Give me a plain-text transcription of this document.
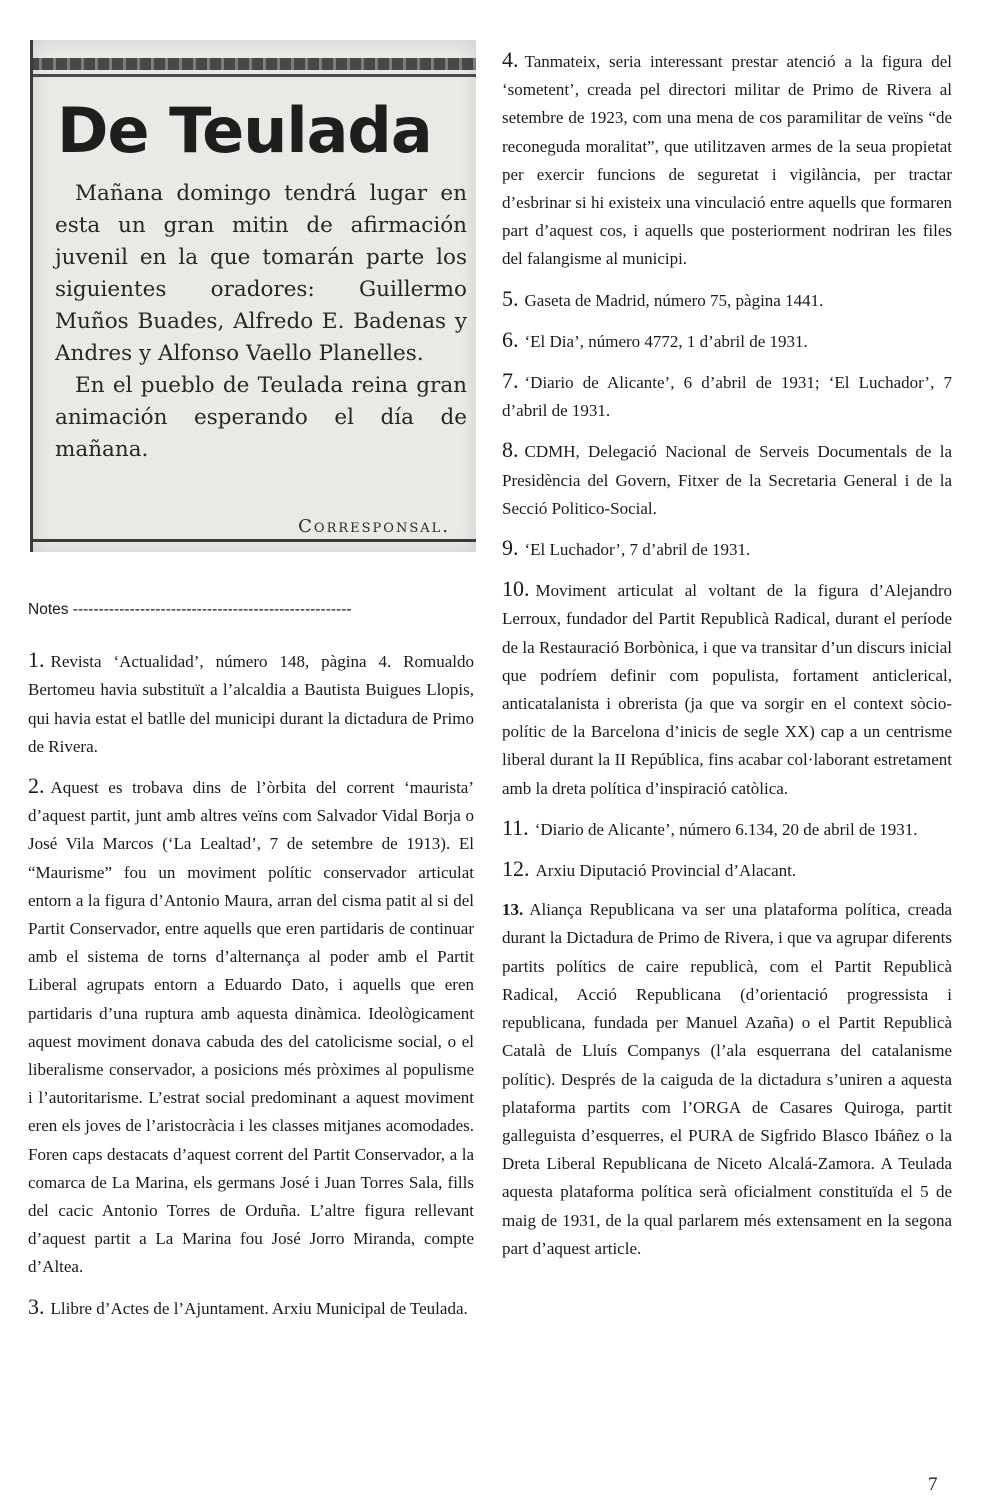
De Teulada

Mañana domingo tendrá lugar en esta un gran mitin de afirmación juvenil en la que tomarán parte los siguientes oradores: Guillermo Muños Buades, Alfredo E. Badenas y Andres y Alfonso Vaello Planelles.

En el pueblo de Teulada reina gran animación esperando el día de mañana.

Corresponsal.

Notes ------------------------------------------------------

1. Revista ‘Actualidad’, número 148, pàgina 4. Romualdo Bertomeu havia substituït a l’alcaldia a Bautista Buigues Llopis, qui havia estat el batlle del municipi durant la dictadura de Primo de Rivera.

2. Aquest es trobava dins de l’òrbita del corrent ‘maurista’ d’aquest partit, junt amb altres veïns com Salvador Vidal Borja o José Vila Marcos (‘La Lealtad’, 7 de setembre de 1913). El “Maurisme” fou un moviment polític conservador articulat entorn a la figura d’Antonio Maura, arran del cisma patit al si del Partit Conservador, entre aquells que eren partidaris de continuar amb el sistema de torns d’alternança al poder amb el Partit Liberal agrupats entorn a Eduardo Dato, i aquells que eren partidaris d’una ruptura amb aquesta dinàmica. Ideològicament aquest moviment donava cabuda des del catolicisme social, o el liberalisme conservador, a posicions més pròximes al populisme i l’autoritarisme. L’estrat social predominant a aquest moviment eren els joves de l’aristocràcia i les classes mitjanes acomodades. Foren caps destacats d’aquest corrent del Partit Conservador, a la comarca de La Marina, els germans José i Juan Torres Sala, fills del cacic Antonio Torres de Orduña. L’altre figura rellevant d’aquest partit a La Marina fou José Jorro Miranda, compte d’Altea.

3. Llibre d’Actes de l’Ajuntament. Arxiu Municipal de Teulada.

4. Tanmateix, seria interessant prestar atenció a la figura del ‘sometent’, creada pel directori militar de Primo de Rivera al setembre de 1923, com una mena de cos paramilitar de veïns “de reconeguda moralitat”, que utilitzaven armes de la seua propietat per exercir funcions de seguretat i vigilància, per tractar d’esbrinar si hi existeix una vinculació entre aquells que formaren part d’aquest cos, i aquells que posteriorment nodriran les files del falangisme al municipi.

5. Gaseta de Madrid, número 75, pàgina 1441.

6. ‘El Dia’, número 4772, 1 d’abril de 1931.

7. ‘Diario de Alicante’, 6 d’abril de 1931; ‘El Luchador’, 7 d’abril de 1931.

8. CDMH, Delegació Nacional de Serveis Documentals de la Presidència del Govern, Fitxer de la Secretaria General i de la Secció Politico-Social.

9. ‘El Luchador’, 7 d’abril de 1931.

10. Moviment articulat al voltant de la figura d’Alejandro Lerroux, fundador del Partit Republicà Radical, durant el període de la Restauració Borbònica, i que va transitar d’un discurs inicial que podríem definir com populista, fortament anticlerical, anticatalanista i obrerista (ja que va sorgir en el context sòcio-polític de la Barcelona d’inicis de segle XX) cap a un centrisme liberal durant la II República, fins acabar col·laborant estretament amb la dreta política d’inspiració catòlica.

11. ‘Diario de Alicante’, número 6.134, 20 de abril de 1931.

12. Arxiu Diputació Provincial d’Alacant.

13. Aliança Republicana va ser una plataforma política, creada durant la Dictadura de Primo de Rivera, i que va agrupar diferents partits polítics de caire republicà, com el Partit Republicà Radical, Acció Republicana (d’orientació progressista i republicana, fundada per Manuel Azaña) o el Partit Republicà Català de Lluís Companys (l’ala esquerrana del catalanisme polític). Després de la caiguda de la dictadura s’uniren a aquesta plataforma partits com l’ORGA de Casares Quiroga, partit galleguista d’esquerres, el PURA de Sigfrido Blasco Ibáñez o la Dreta Liberal Republicana de Niceto Alcalá-Zamora. A Teulada aquesta plataforma política serà oficialment constituïda el 5 de maig de 1931, de la qual parlarem més extensament en la segona part d’aquest article.

7
